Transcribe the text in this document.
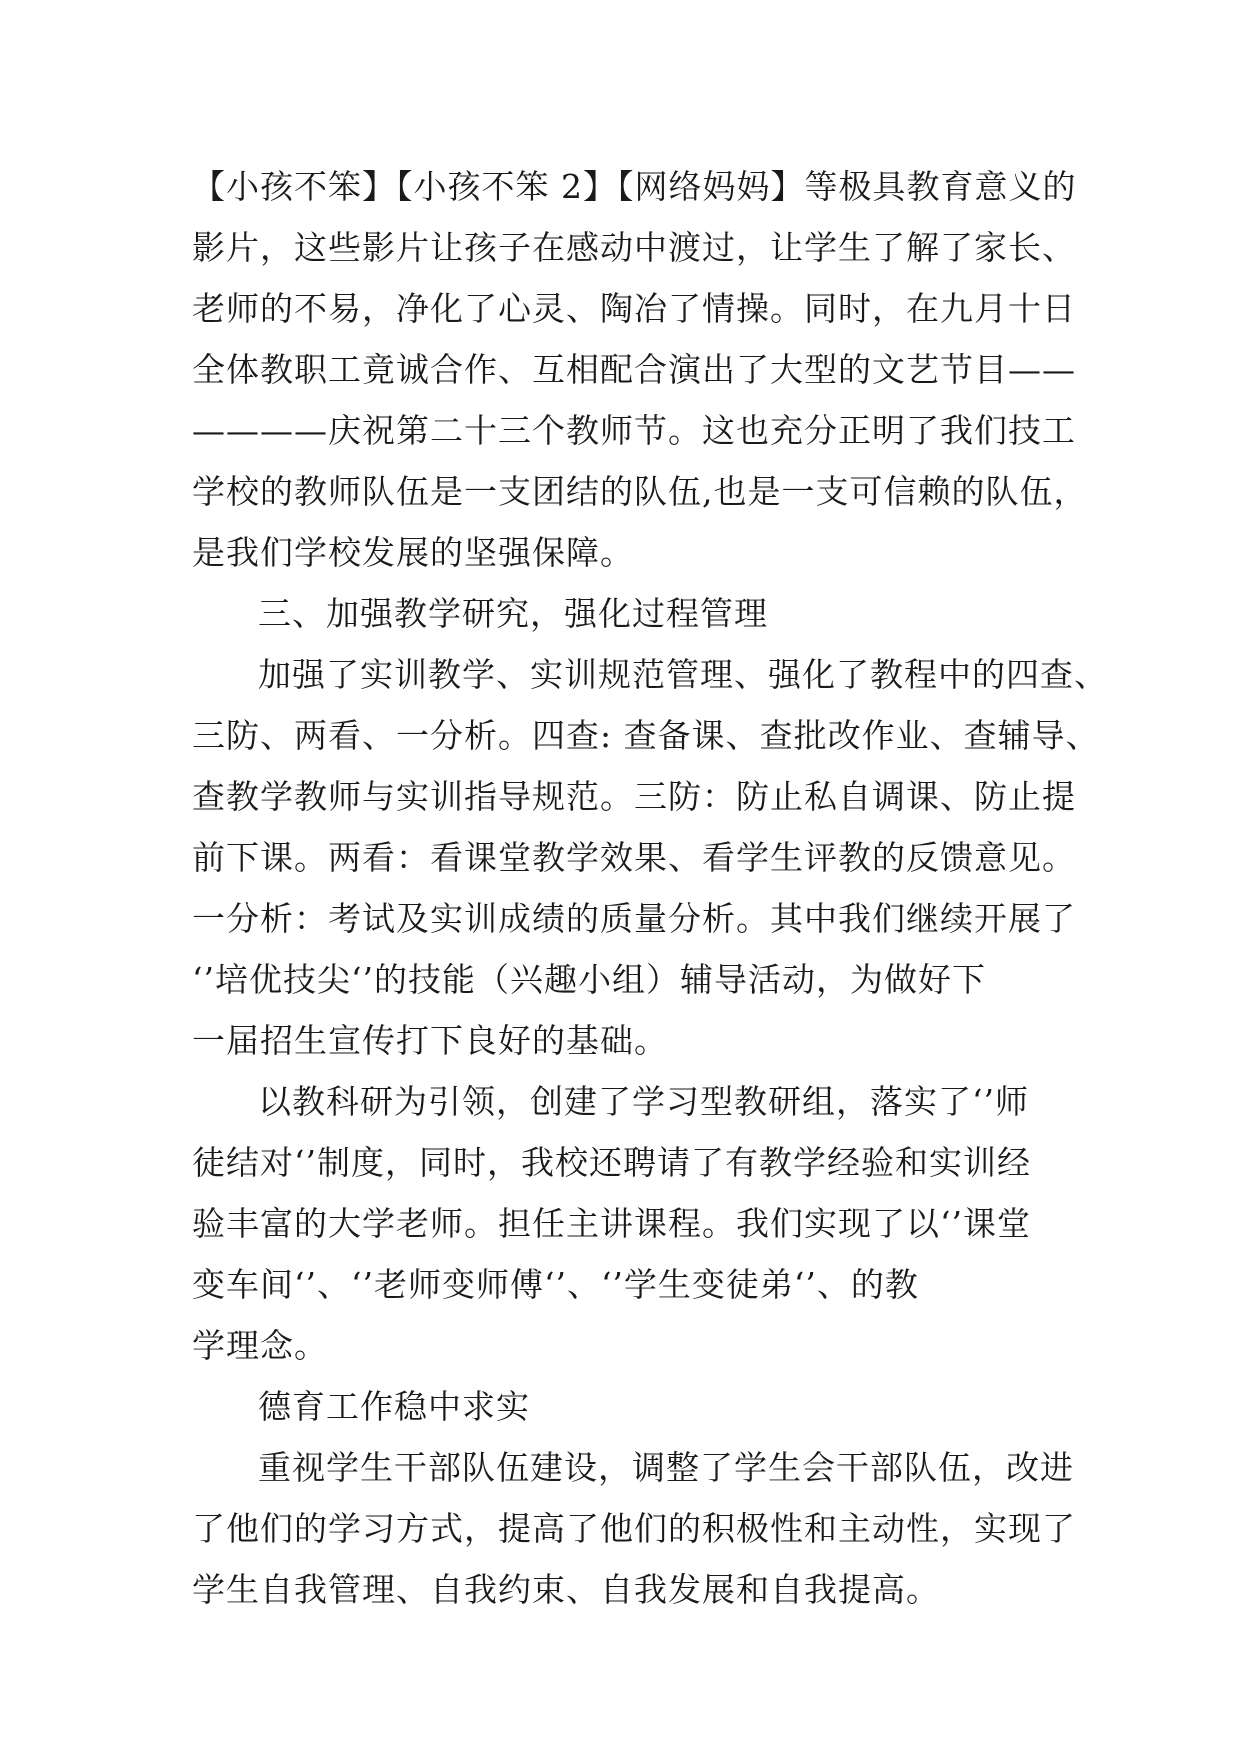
【小孩不笨】【小孩不笨 2】【网络妈妈】等极具教育意义的
影片，这些影片让孩子在感动中渡过，让学生了解了家长、
老师的不易，净化了心灵、陶冶了情操。同时，在九月十日
全体教职工竟诚合作、互相配合演出了大型的文艺节目——
————庆祝第二十三个教师节。这也充分正明了我们技工
学校的教师队伍是一支团结的队伍,也是一支可信赖的队伍，
是我们学校发展的坚强保障。
三、加强教学研究，强化过程管理
加强了实训教学、实训规范管理、强化了教程中的四查、
三防、两看、一分析。四查: 查备课、查批改作业、查辅导、
查教学教师与实训指导规范。三防：防止私自调课、防止提
前下课。两看：看课堂教学效果、看学生评教的反馈意见。
一分析：考试及实训成绩的质量分析。其中我们继续开展了
‘’培优技尖‘’的技能（兴趣小组）辅导活动，为做好下
一届招生宣传打下良好的基础。
以教科研为引领，创建了学习型教研组，落实了‘’师
徒结对‘’制度，同时，我校还聘请了有教学经验和实训经
验丰富的大学老师。担任主讲课程。我们实现了以‘’课堂
变车间‘’、‘’老师变师傅‘’、‘’学生变徒弟‘’、的教
学理念。
德育工作稳中求实
重视学生干部队伍建设，调整了学生会干部队伍，改进
了他们的学习方式，提高了他们的积极性和主动性，实现了
学生自我管理、自我约束、自我发展和自我提高。
